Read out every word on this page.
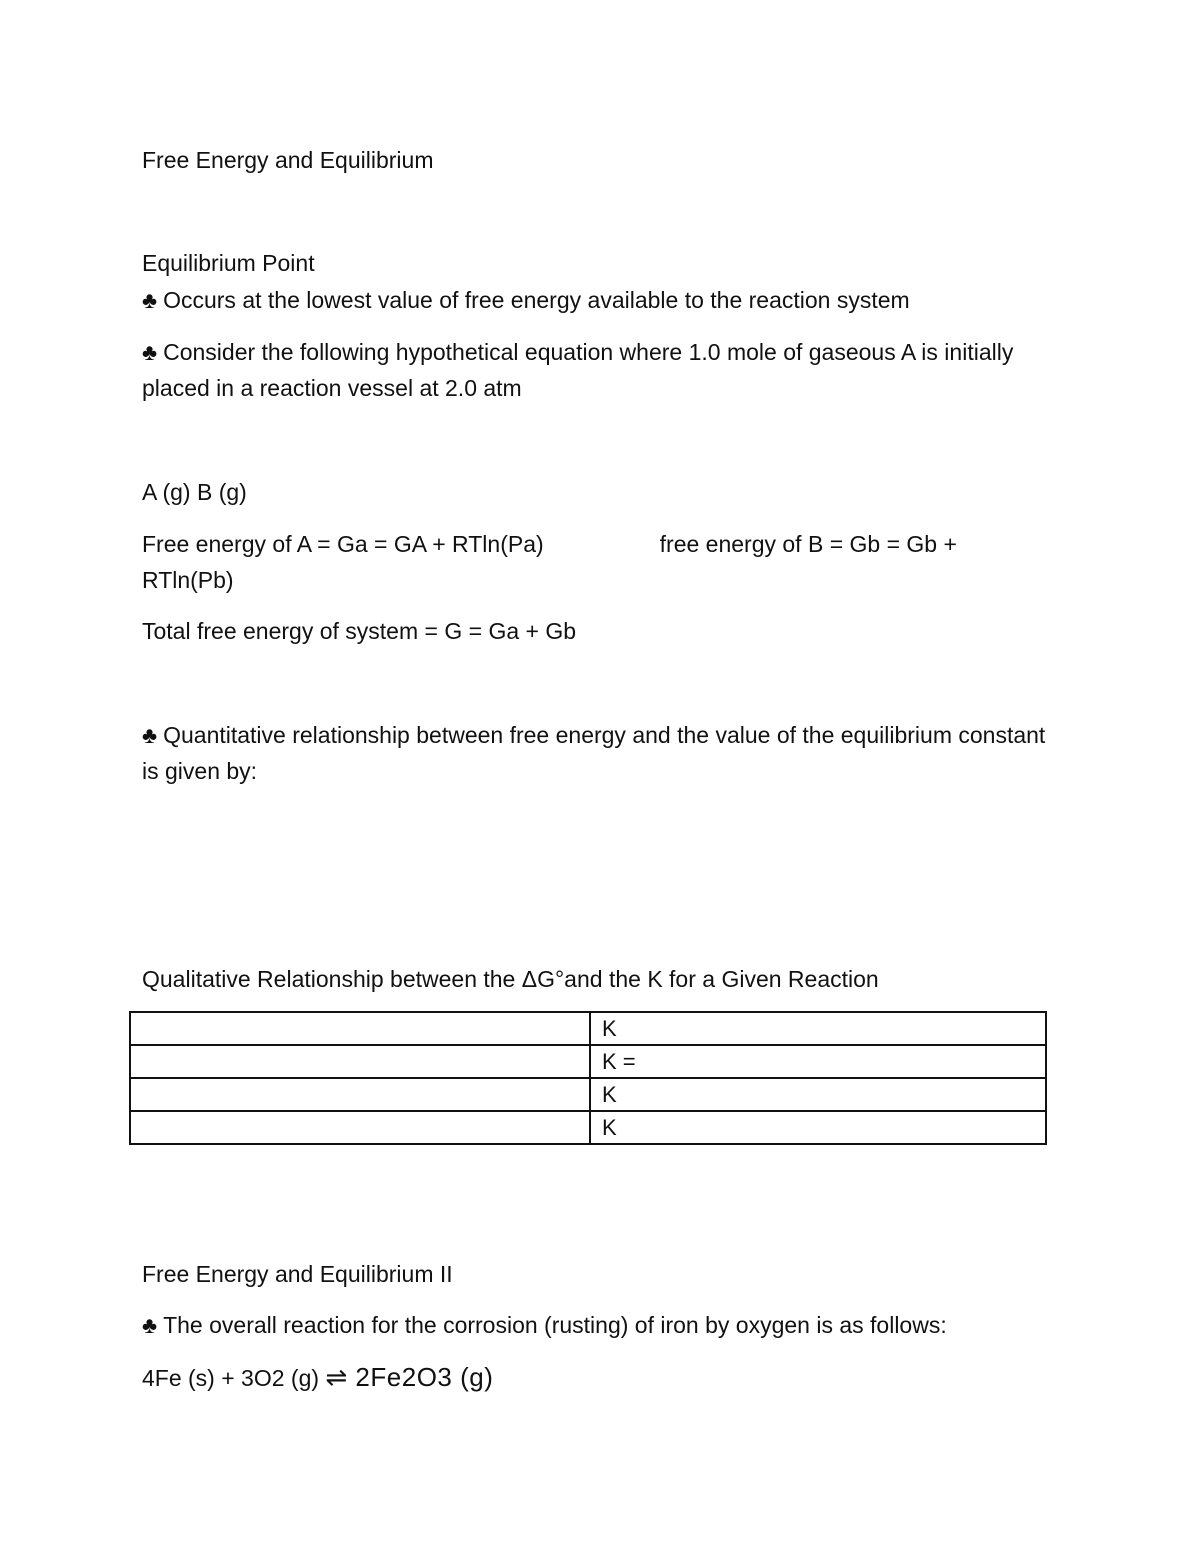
Free Energy and Equilibrium
Equilibrium Point
♣ Occurs at the lowest value of free energy available to the reaction system
♣ Consider the following hypothetical equation where 1.0 mole of gaseous A is initially placed in a reaction vessel at 2.0 atm
A (g) B (g)
Free energy of A = Ga = GA + RTln(Pa)	free energy of B = Gb = Gb + RTln(Pb)
Total free energy of system = G = Ga + Gb
♣ Quantitative relationship between free energy and the value of the equilibrium constant is given by:
Qualitative Relationship between the ΔG°and the K for a Given Reaction
	K
	K =
	K
	K
Free Energy and Equilibrium II
♣ The overall reaction for the corrosion (rusting) of iron by oxygen is as follows:
4Fe (s) + 3O2 (g) ⇌ 2Fe2O3 (g)
